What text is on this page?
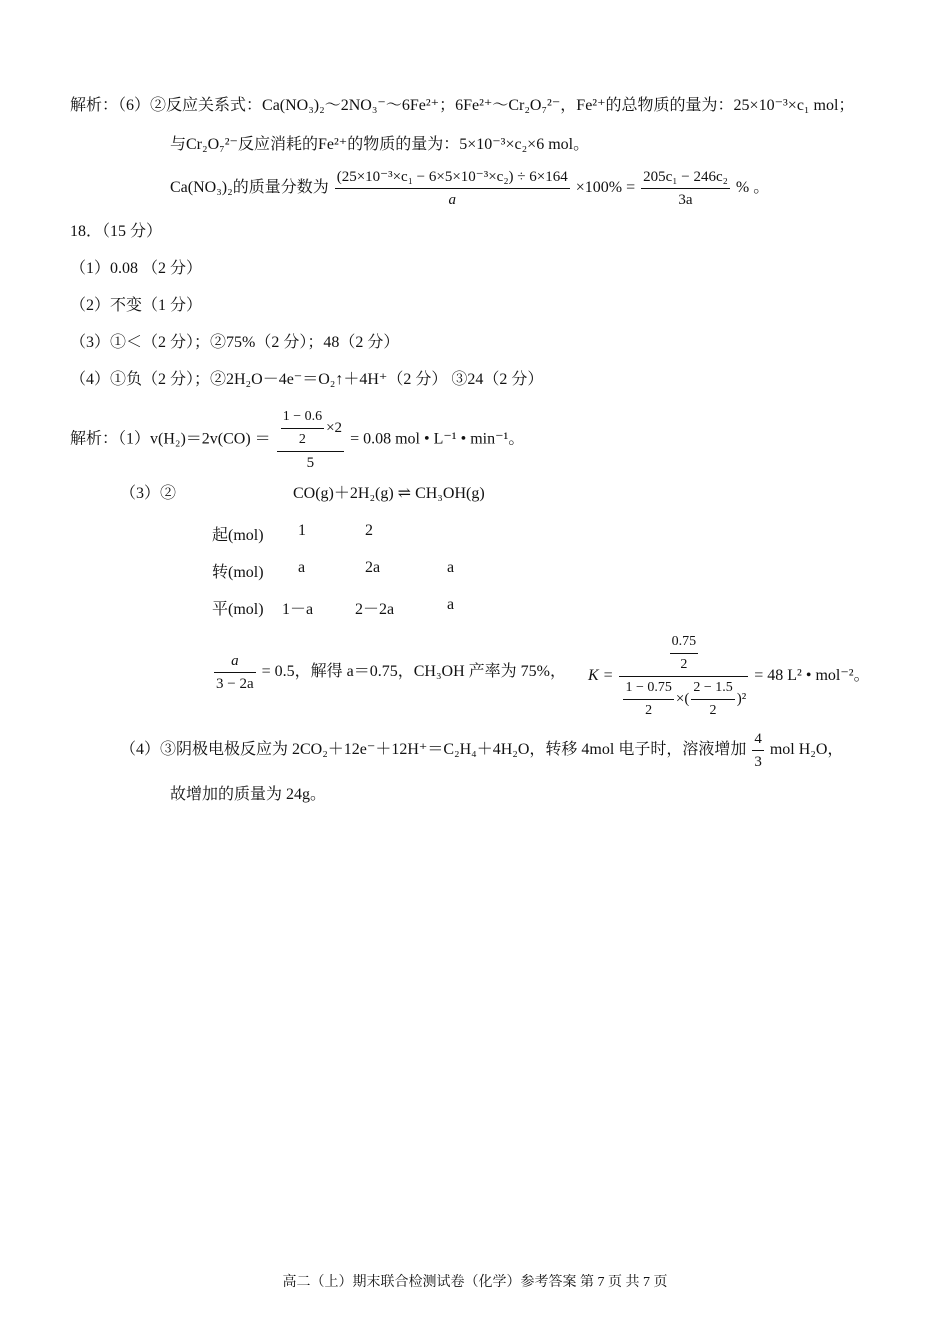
解析：（6）②反应关系式：Ca(NO₃)₂～2NO₃⁻～6Fe²⁺；6Fe²⁺～Cr₂O₇²⁻，Fe²⁺的总物质的量为：25×10⁻³×c₁ mol；
与Cr₂O₇²⁻反应消耗的Fe²⁺的物质的量为：5×10⁻³×c₂×6 mol。
Ca(NO₃)₂的质量分数为 $\frac{\text{(25×10⁻³×c₁ − 6×5×10⁻³×c₂) ÷ 6×164}}{a} \times 100\% = \frac{\text{205c₁ − 246c₂}}{3a}$ % 。
18．（15 分）
（1）0.08 （2 分）
（2）不变（1 分）
（3）①＜（2 分）；②75%（2 分）；48（2 分）
（4）①负（2 分）；②2H₂O－4e⁻＝O₂↑＋4H⁺（2 分） ③24（2 分）
解析：$(1)v(H_2)=2v(CO) = \frac{\frac{1 - 0.6}{2} \times 2}{5} = 0.08$ mol • L⁻¹ • min⁻¹。
（3）②	CO(g)＋2H₂(g) ⇌ CH₃OH(g)
起(mol) 1	2
转(mol) a	2a	a
平(mol) 1－a	2－2a	a
$\frac{a}{3 - 2a} = 0.5$，解得 a＝0.75，CH₃OH 产率为 75%， K =
$\frac{0.75}{2}$
$\frac{1 - 0.75}{2}$ ×( $\frac{2 - 1.5}{2} )^2$
= 48 L² • mol⁻²。
（4）③阴极电极反应为 2CO₂＋12e⁻＋12H⁺＝C₂H₄＋4H₂O，转移 4mol 电子时，溶液增加 $\frac{4}{3}$ mol H₂O，
故增加的质量为 24g。
高二（上）期末联合检测试卷（化学）参考答案 第 7 页 共 7 页
